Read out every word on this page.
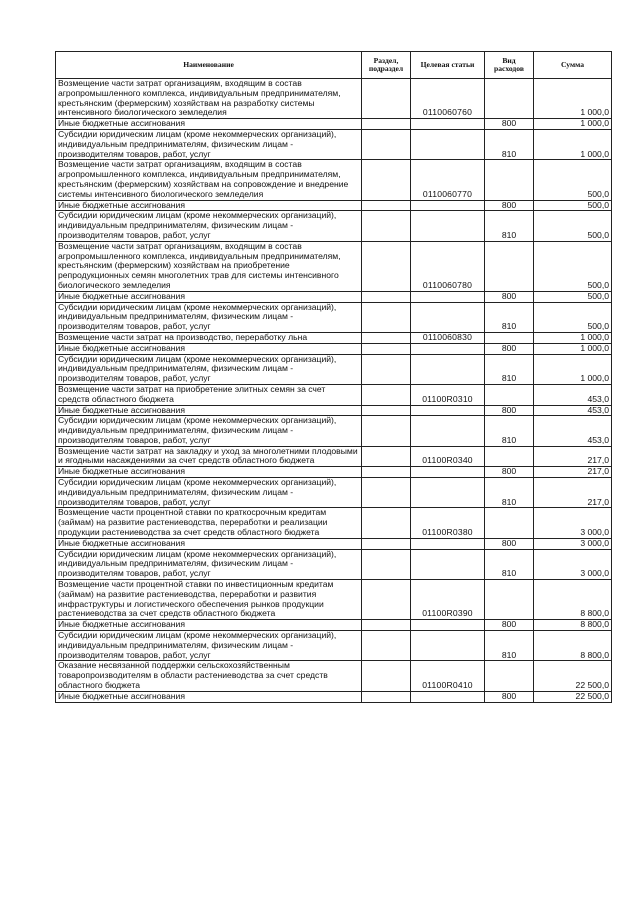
Наименование	Раздел, подраздел	Целевая статьи	Вид расходов	Сумма
Возмещение части затрат организациям, входящим в состав агропромышленного комплекса, индивидуальным предпринимателям, крестьянским (фермерским) хозяйствам на разработку системы интенсивного биологического земледелия		0110060760		1 000,0
Иные бюджетные ассигнования			800	1 000,0
Субсидии юридическим лицам (кроме некоммерческих организаций), индивидуальным предпринимателям, физическим лицам - производителям товаров, работ, услуг			810	1 000,0
Возмещение части затрат организациям, входящим в состав агропромышленного комплекса, индивидуальным предпринимателям, крестьянским (фермерским) хозяйствам на сопровождение и внедрение системы интенсивного биологического земледелия		0110060770		500,0
Иные бюджетные ассигнования			800	500,0
Субсидии юридическим лицам (кроме некоммерческих организаций), индивидуальным предпринимателям, физическим лицам - производителям товаров, работ, услуг			810	500,0
Возмещение части затрат организациям, входящим в состав агропромышленного комплекса, индивидуальным предпринимателям, крестьянским (фермерским) хозяйствам на приобретение репродукционных семян многолетних трав для системы интенсивного биологического земледелия		0110060780		500,0
Иные бюджетные ассигнования			800	500,0
Субсидии юридическим лицам (кроме некоммерческих организаций), индивидуальным предпринимателям, физическим лицам - производителям товаров, работ, услуг			810	500,0
Возмещение части затрат на производство, переработку льна		0110060830		1 000,0
Иные бюджетные ассигнования			800	1 000,0
Субсидии юридическим лицам (кроме некоммерческих организаций), индивидуальным предпринимателям, физическим лицам - производителям товаров, работ, услуг			810	1 000,0
Возмещение части затрат на приобретение элитных семян за счет средств областного бюджета		01100R0310		453,0
Иные бюджетные ассигнования			800	453,0
Субсидии юридическим лицам (кроме некоммерческих организаций), индивидуальным предпринимателям, физическим лицам - производителям товаров, работ, услуг			810	453,0
Возмещение части затрат на закладку и уход за многолетними плодовыми и ягодными насаждениями за счет средств областного бюджета		01100R0340		217,0
Иные бюджетные ассигнования			800	217,0
Субсидии юридическим лицам (кроме некоммерческих организаций), индивидуальным предпринимателям, физическим лицам - производителям товаров, работ, услуг			810	217,0
Возмещение части процентной ставки по краткосрочным кредитам (займам) на развитие растениеводства, переработки и реализации продукции растениеводства за счет средств областного бюджета		01100R0380		3 000,0
Иные бюджетные ассигнования			800	3 000,0
Субсидии юридическим лицам (кроме некоммерческих организаций), индивидуальным предпринимателям, физическим лицам - производителям товаров, работ, услуг			810	3 000,0
Возмещение части процентной ставки по инвестиционным кредитам (займам) на развитие растениеводства, переработки и развития инфраструктуры и логистического обеспечения рынков продукции растениеводства за счет средств областного бюджета		01100R0390		8 800,0
Иные бюджетные ассигнования			800	8 800,0
Субсидии юридическим лицам (кроме некоммерческих организаций), индивидуальным предпринимателям, физическим лицам - производителям товаров, работ, услуг			810	8 800,0
Оказание несвязанной поддержки сельскохозяйственным товаропроизводителям в области растениеводства за счет средств областного бюджета		01100R0410		22 500,0
Иные бюджетные ассигнования			800	22 500,0
